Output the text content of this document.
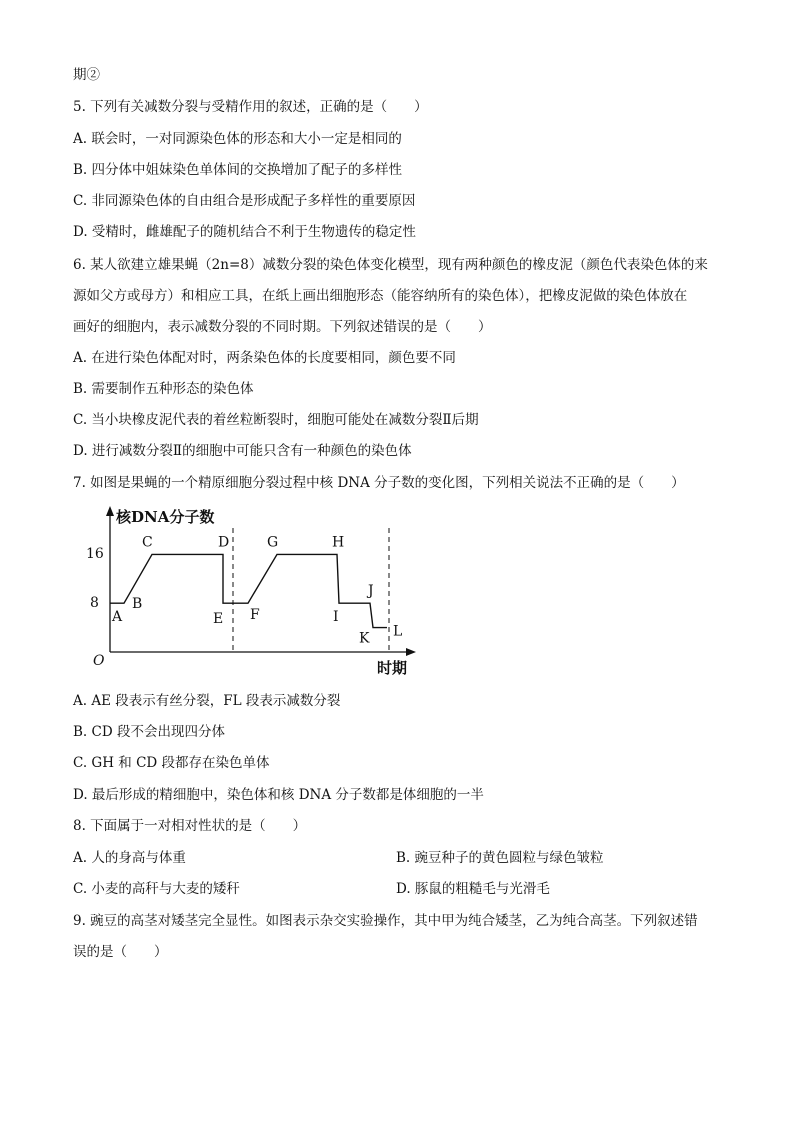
期②
5. 下列有关减数分裂与受精作用的叙述，正确的是（　　）
A. 联会时，一对同源染色体的形态和大小一定是相同的
B. 四分体中姐妹染色单体间的交换增加了配子的多样性
C. 非同源染色体的自由组合是形成配子多样性的重要原因
D. 受精时，雌雄配子的随机结合不利于生物遗传的稳定性
6. 某人欲建立雄果蝇（2n=8）减数分裂的染色体变化模型，现有两种颜色的橡皮泥（颜色代表染色体的来
源如父方或母方）和相应工具，在纸上画出细胞形态（能容纳所有的染色体），把橡皮泥做的染色体放在
画好的细胞内，表示减数分裂的不同时期。下列叙述错误的是（　　）
A. 在进行染色体配对时，两条染色体的长度要相同，颜色要不同
B. 需要制作五种形态的染色体
C. 当小块橡皮泥代表的着丝粒断裂时，细胞可能处在减数分裂Ⅱ后期
D. 进行减数分裂Ⅱ的细胞中可能只含有一种颜色的染色体
7. 如图是果蝇的一个精原细胞分裂过程中核 DNA 分子数的变化图，下列相关说法不正确的是（　　）
核DNA分子数
时期
O
16
8
A
B
C	D
E F
G	H
I
J
K L
A. AE 段表示有丝分裂，FL 段表示减数分裂
B. CD 段不会出现四分体
C. GH 和 CD 段都存在染色单体
D. 最后形成的精细胞中，染色体和核 DNA 分子数都是体细胞的一半
8. 下面属于一对相对性状的是（　　）
A. 人的身高与体重	B. 豌豆种子的黄色圆粒与绿色皱粒
C. 小麦的高秆与大麦的矮秆	D. 豚鼠的粗糙毛与光滑毛
9. 豌豆的高茎对矮茎完全显性。如图表示杂交实验操作，其中甲为纯合矮茎，乙为纯合高茎。下列叙述错
误的是（　　）
